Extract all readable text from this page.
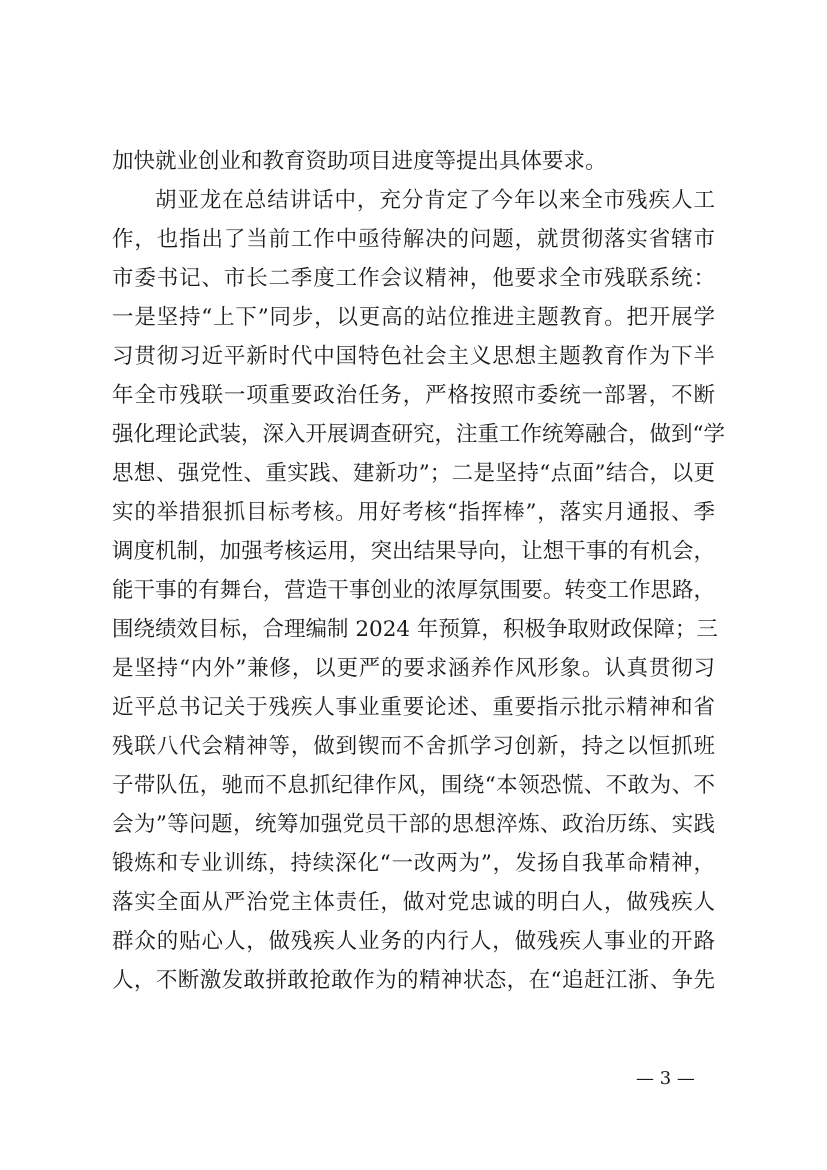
加快就业创业和教育资助项目进度等提出具体要求。
胡亚龙在总结讲话中，充分肯定了今年以来全市残疾人工
作，也指出了当前工作中亟待解决的问题，就贯彻落实省辖市
市委书记、市长二季度工作会议精神，他要求全市残联系统：
一是坚持“上下”同步，以更高的站位推进主题教育。把开展学
习贯彻习近平新时代中国特色社会主义思想主题教育作为下半
年全市残联一项重要政治任务，严格按照市委统一部署，不断
强化理论武装，深入开展调查研究，注重工作统筹融合，做到“学
思想、强党性、重实践、建新功”；二是坚持“点面”结合，以更
实的举措狠抓目标考核。用好考核“指挥棒”，落实月通报、季
调度机制，加强考核运用，突出结果导向，让想干事的有机会，
能干事的有舞台，营造干事创业的浓厚氛围要。转变工作思路，
围绕绩效目标，合理编制 2024 年预算，积极争取财政保障；三
是坚持“内外”兼修，以更严的要求涵养作风形象。认真贯彻习
近平总书记关于残疾人事业重要论述、重要指示批示精神和省
残联八代会精神等，做到锲而不舍抓学习创新，持之以恒抓班
子带队伍，驰而不息抓纪律作风，围绕“本领恐慌、不敢为、不
会为”等问题，统筹加强党员干部的思想淬炼、政治历练、实践
锻炼和专业训练，持续深化“一改两为”，发扬自我革命精神，
落实全面从严治党主体责任，做对党忠诚的明白人，做残疾人
群众的贴心人，做残疾人业务的内行人，做残疾人事业的开路
人，不断激发敢拼敢抢敢作为的精神状态，在“追赶江浙、争先
— 3 —
